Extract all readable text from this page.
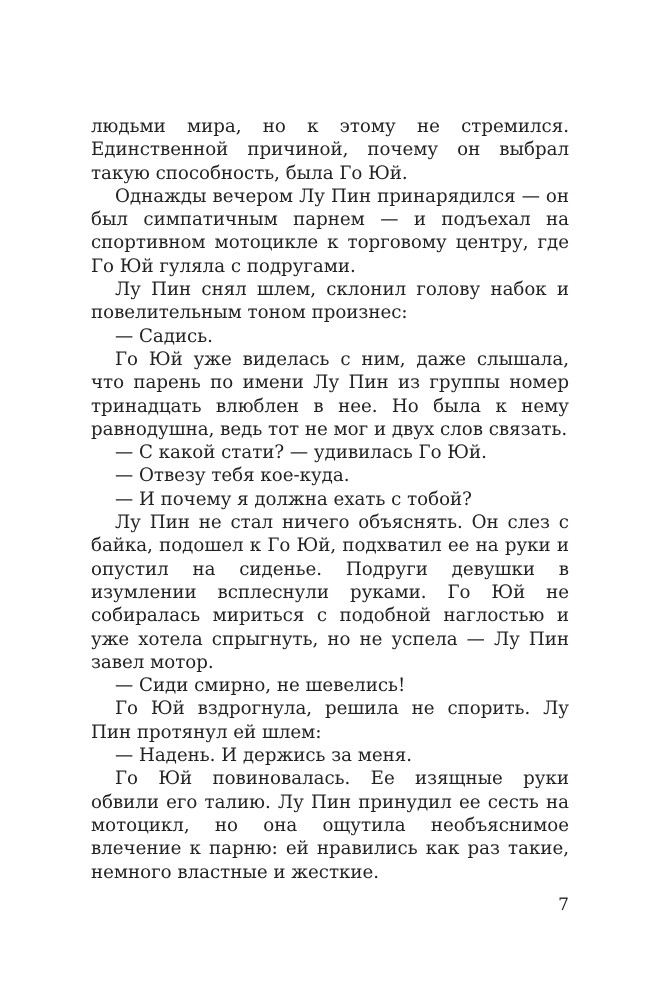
людьми мира, но к этому не стремился. Единственной причиной, почему он выбрал такую способность, была Го Юй.

Однажды вечером Лу Пин принарядился — он был симпатичным парнем — и подъехал на спортивном мотоцикле к торговому центру, где Го Юй гуляла с подругами.

Лу Пин снял шлем, склонил голову набок и повелительным тоном произнес:

— Садись.

Го Юй уже виделась с ним, даже слышала, что парень по имени Лу Пин из группы номер тринадцать влюблен в нее. Но была к нему равнодушна, ведь тот не мог и двух слов связать.

— С какой стати? — удивилась Го Юй.

— Отвезу тебя кое-куда.

— И почему я должна ехать с тобой?

Лу Пин не стал ничего объяснять. Он слез с байка, подошел к Го Юй, подхватил ее на руки и опустил на сиденье. Подруги девушки в изумлении всплеснули руками. Го Юй не собиралась мириться с подобной наглостью и уже хотела спрыгнуть, но не успела — Лу Пин завел мотор.

— Сиди смирно, не шевелись!

Го Юй вздрогнула, решила не спорить. Лу Пин протянул ей шлем:

— Надень. И держись за меня.

Го Юй повиновалась. Ее изящные руки обвили его талию. Лу Пин принудил ее сесть на мотоцикл, но она ощутила необъяснимое влечение к парню: ей нравились как раз такие, немного властные и жесткие.

7
